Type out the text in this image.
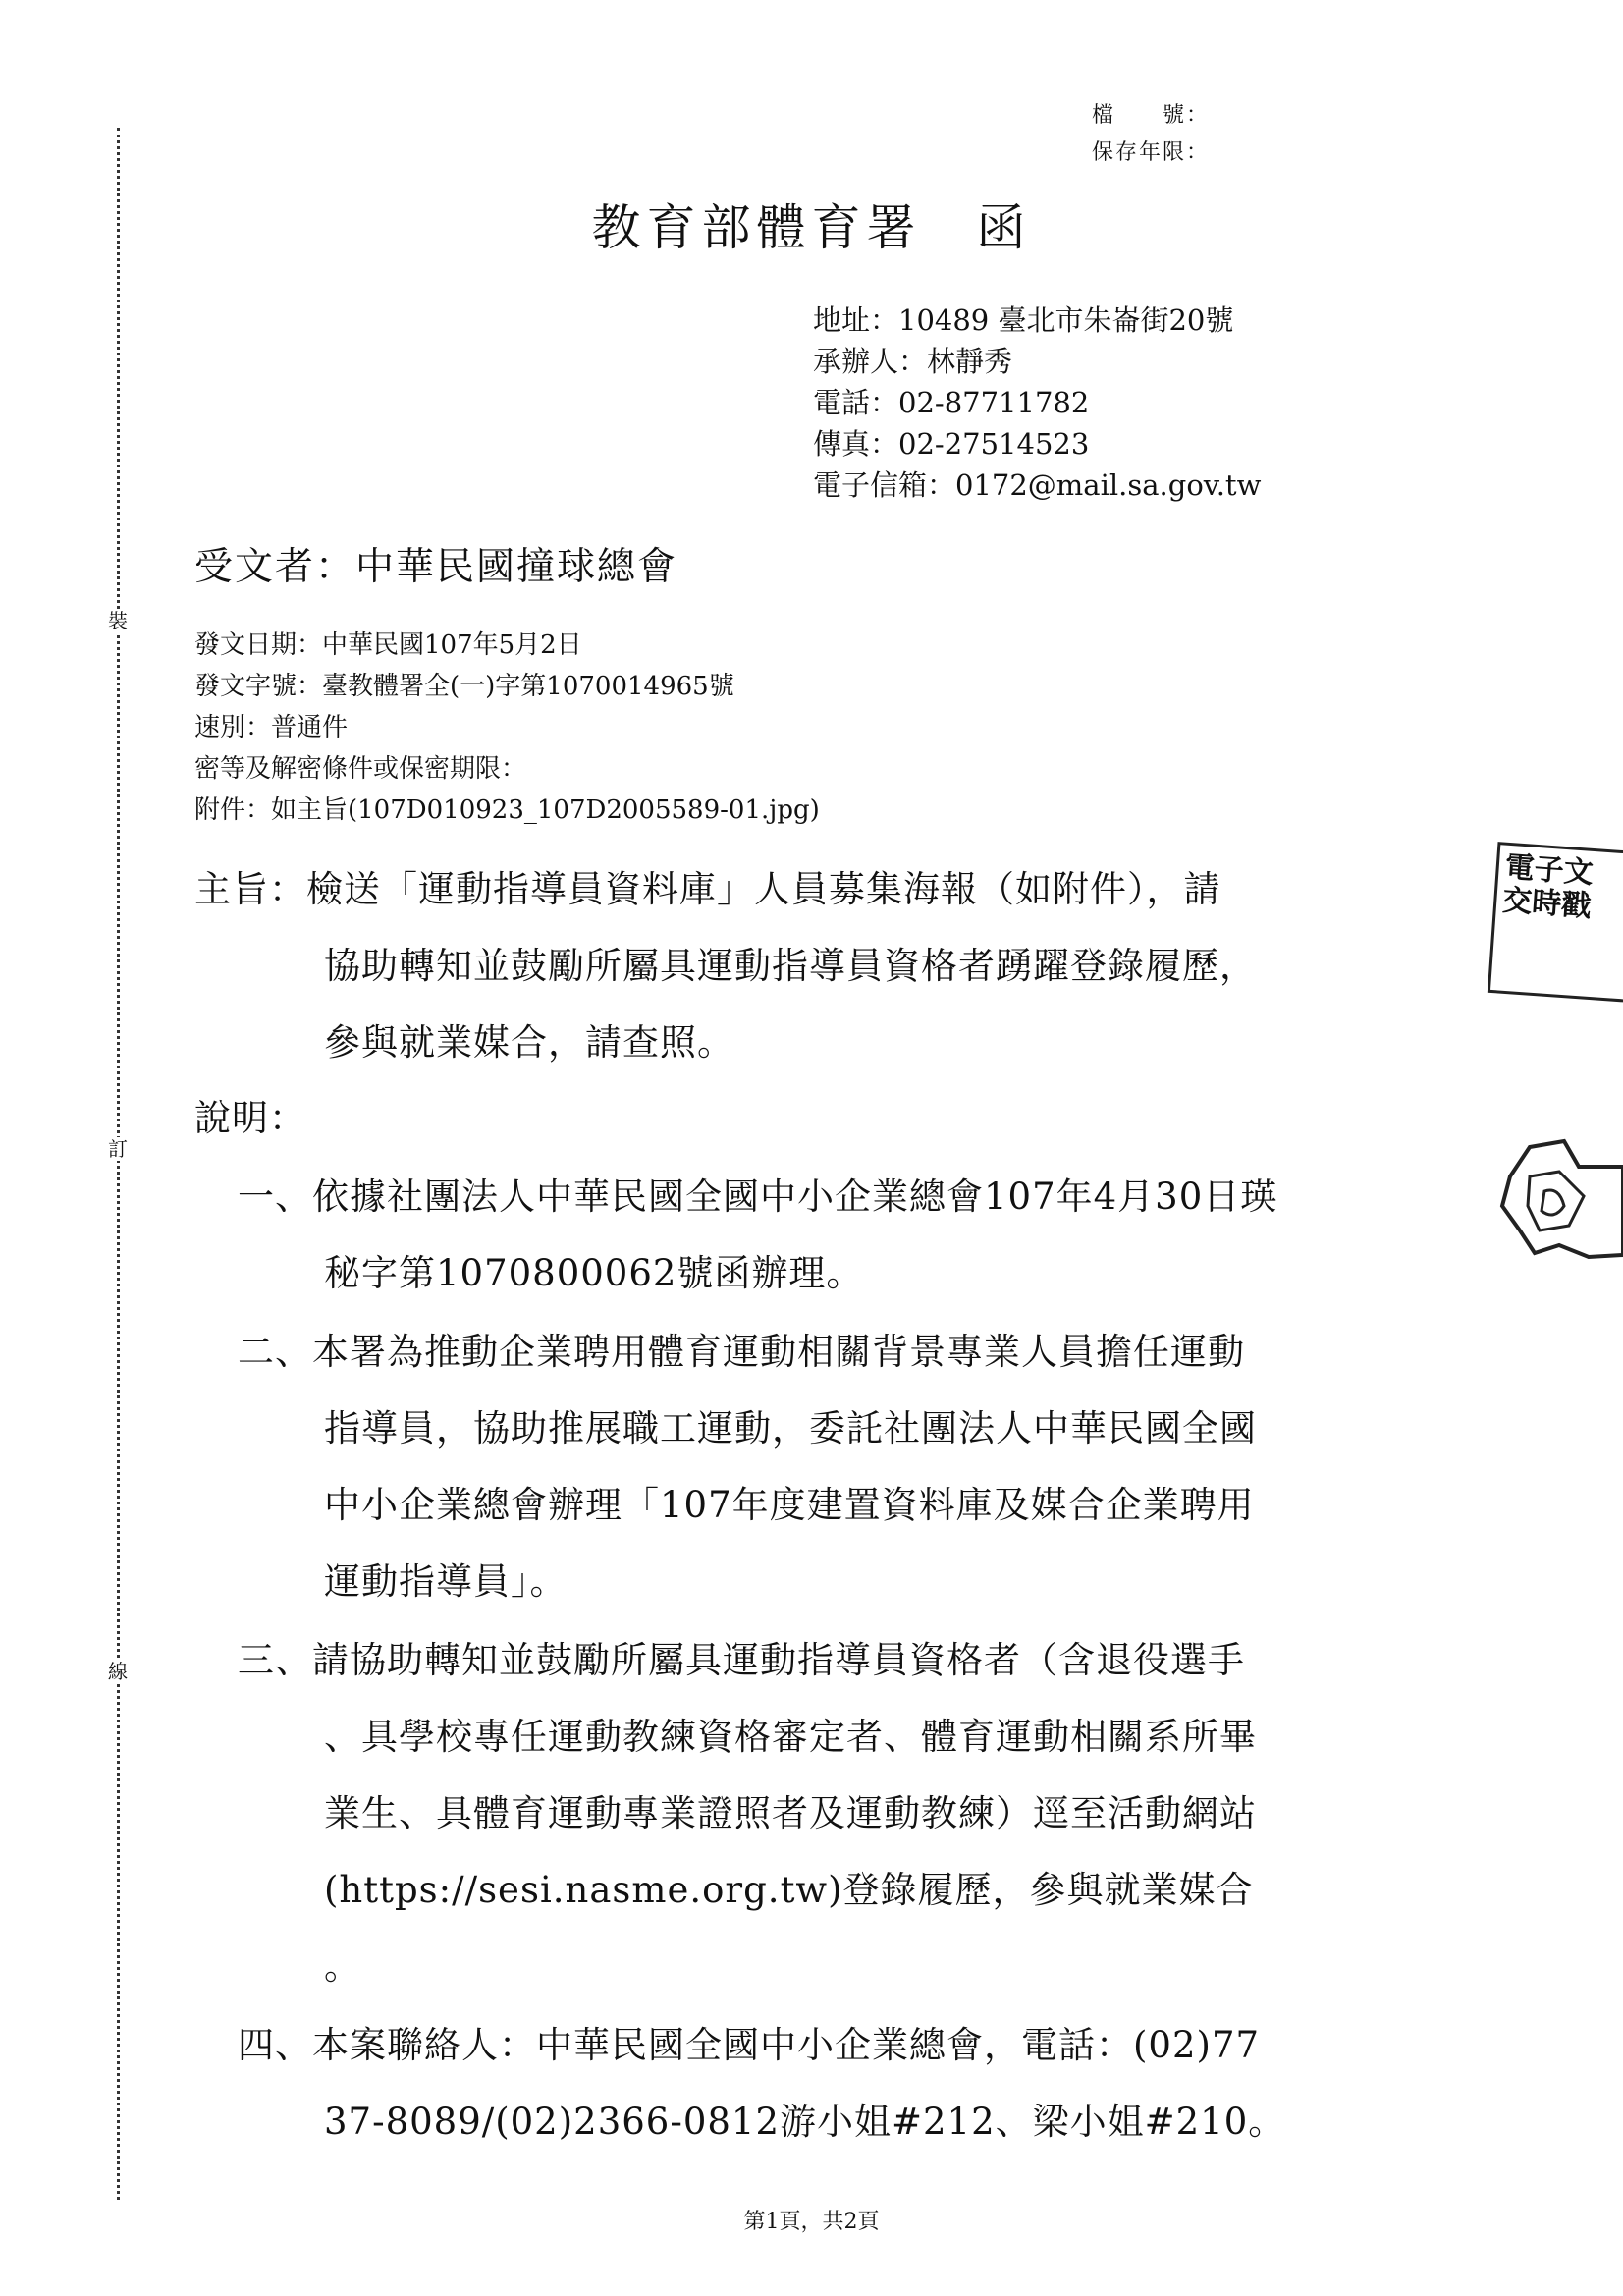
裝
訂
線
檔　　號：
保存年限：
教育部體育署　函
地址：10489 臺北市朱崙街20號
承辦人：林靜秀
電話：02-87711782
傳真：02-27514523
電子信箱：0172@mail.sa.gov.tw
受文者：中華民國撞球總會
發文日期：中華民國107年5月2日
發文字號：臺教體署全(一)字第1070014965號
速別：普通件
密等及解密條件或保密期限：
附件：如主旨(107D010923_107D2005589-01.jpg)
主旨：檢送「運動指導員資料庫」人員募集海報（如附件），請
協助轉知並鼓勵所屬具運動指導員資格者踴躍登錄履歷，
參與就業媒合，請查照。
說明：
一、依據社團法人中華民國全國中小企業總會107年4月30日瑛
秘字第1070800062號函辦理。
二、本署為推動企業聘用體育運動相關背景專業人員擔任運動
指導員，協助推展職工運動，委託社團法人中華民國全國
中小企業總會辦理「107年度建置資料庫及媒合企業聘用
運動指導員」。
三、請協助轉知並鼓勵所屬具運動指導員資格者（含退役選手
、具學校專任運動教練資格審定者、體育運動相關系所畢
業生、具體育運動專業證照者及運動教練）逕至活動網站
(https://sesi.nasme.org.tw)登錄履歷，參與就業媒合
。
四、本案聯絡人：中華民國全國中小企業總會，電話：(02)77
37-8089/(02)2366-0812游小姐#212、梁小姐#210。
電子文交時戳
第1頁，共2頁
